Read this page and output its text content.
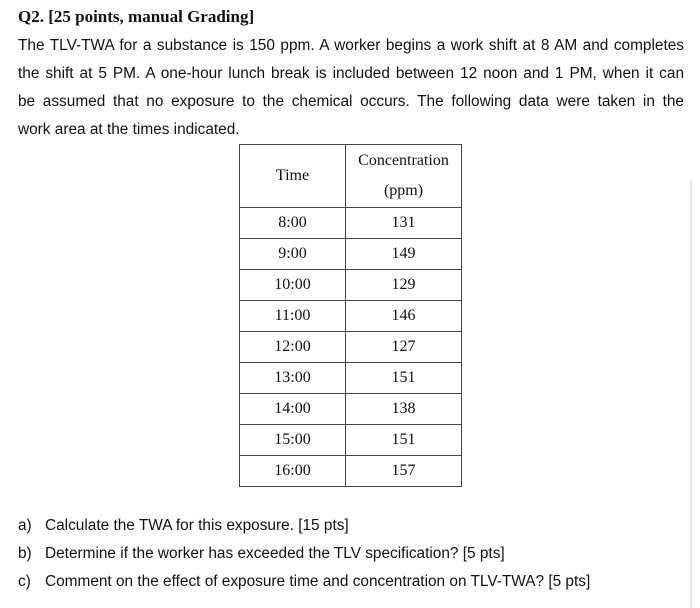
Q2. [25 points, manual Grading]
The TLV-TWA for a substance is 150 ppm. A worker begins a work shift at 8 AM and completes
the shift at 5 PM. A one-hour lunch break is included between 12 noon and 1 PM, when it can
be assumed that no exposure to the chemical occurs. The following data were taken in the
work area at the times indicated.
Time	Concentration
(ppm)

8:00	131
9:00	149
10:00	129
11:00	146
12:00	127
13:00	151
14:00	138
15:00	151
16:00	157
a) Calculate the TWA for this exposure. [15 pts]
b) Determine if the worker has exceeded the TLV specification? [5 pts]
c) Comment on the effect of exposure time and concentration on TLV-TWA? [5 pts]
